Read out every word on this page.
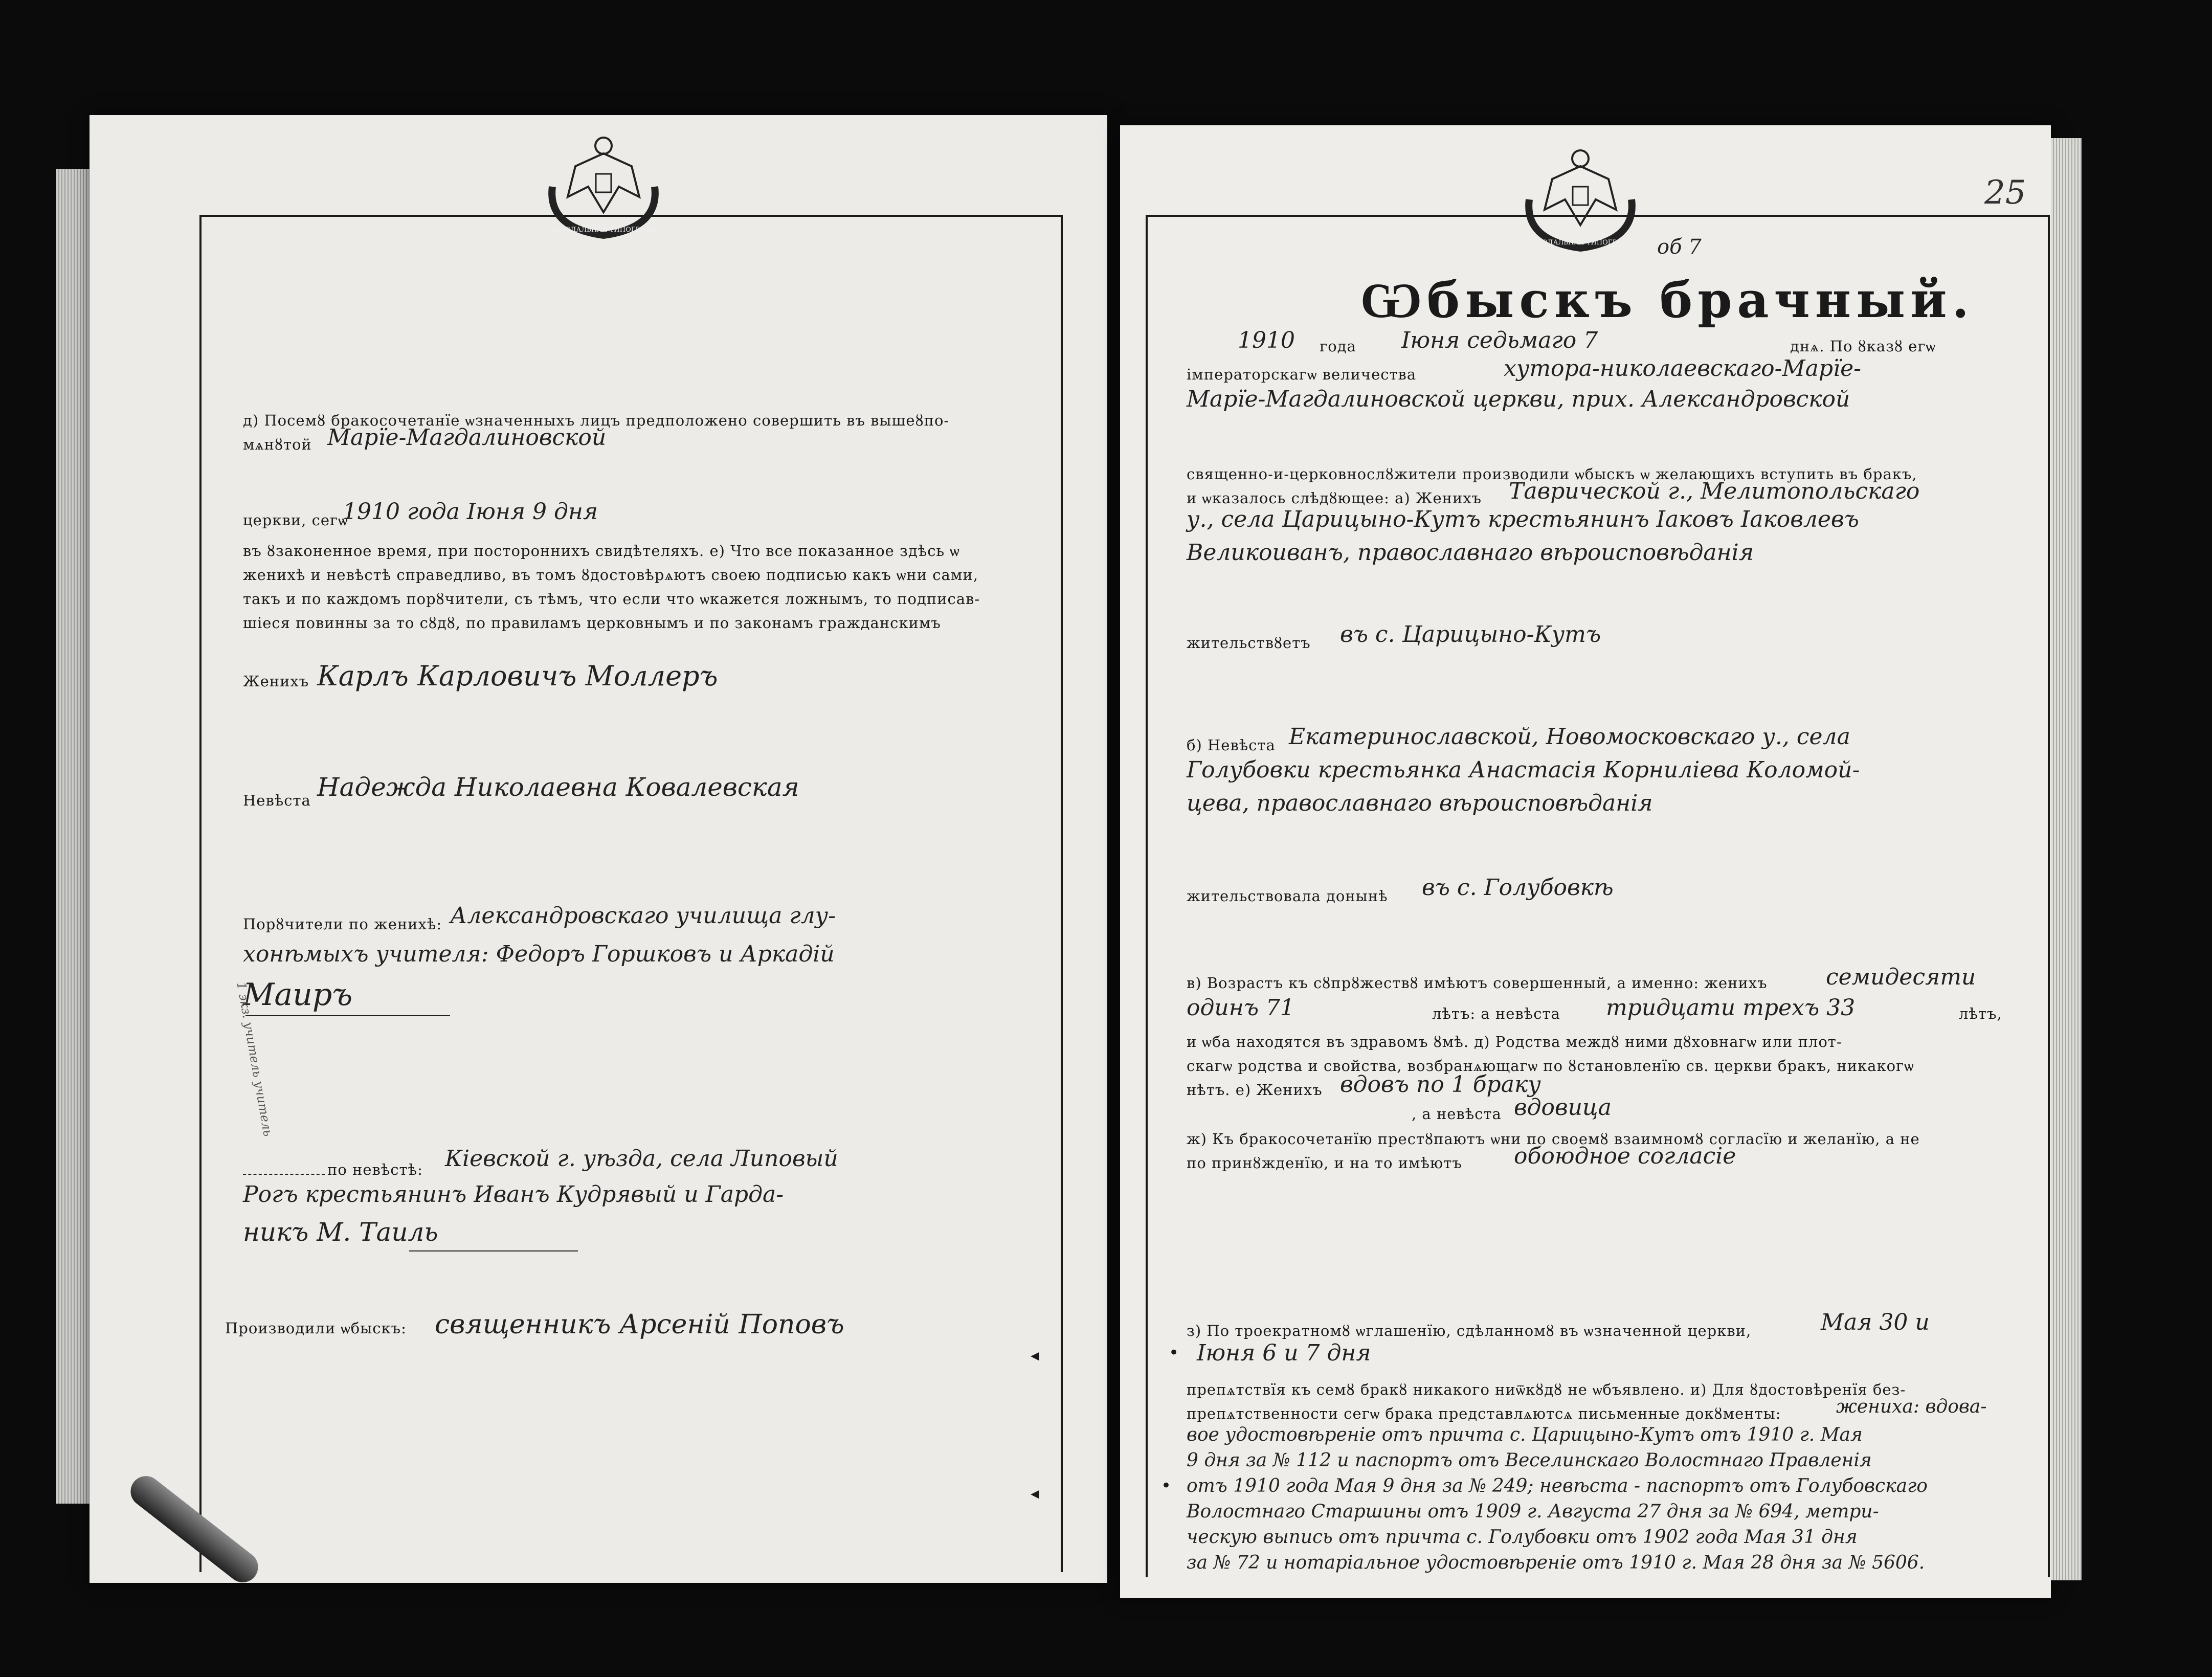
СИНОДАЛЬНАЯ ТИПОГРАФІЯ
СИНОДАЛЬНАЯ ТИПОГРАФІЯ
25
д) Посемȣ бракосочетанїе ѡзначенныхъ лицъ предположено совершить въ вышеȣпо-
мѧнȣтой Марїе-Магдалиновской
церкви, сегѡ
1910 года Іюня 9 дня
въ ȣзаконенное время, при постороннихъ свидѣтеляхъ. е) Что все показанное здѣсь ѡ
женихѣ и невѣстѣ справедливо, въ томъ ȣдостовѣрѧютъ своею подписью какъ ѡни сами,
такъ и по каждомъ порȣчители, съ тѣмъ, что если что ѡкажется ложнымъ, то подписав-
шiеся повинны за то сȣдȣ, по правиламъ церковнымъ и по законамъ гражданскимъ
Женихъ Карлъ Карловичъ Моллеръ
Невѣста Надежда Николаевна Ковалевская
Порȣчители по женихѣ: Александровскаго училища глу-
хонѣмыхъ учителя: Федоръ Горшковъ и Аркадій
Маиръ
по невѣстѣ: Кіевской г. уѣзда, села Липовый
Рогъ крестьянинъ Иванъ Кудрявый и Гарда-
никъ М. Таиль
Производили ѡбыскъ: священникъ Арсеній Поповъ
◂
◂
об 7
Ѡбыскъ брачный.
1910 года Іюня седьмаго 7	днѧ. По ȣказȣ егѡ
імператорскагѡ величества	хутора-николаевскаго-Марїе-
Марїе-Магдалиновской церкви, прих. Александровской
священно-и-церковнослȣжители производили ѡбыскъ ѡ желающихъ вступить въ бракъ,
и ѡказалось слѣдȣющее: а) Женихъ Таврической г., Мелитопольскаго
у., села Царицыно-Кутъ крестьянинъ Іаковъ Іаковлевъ
Великоиванъ, православнаго вѣроисповѣданія
жительствȣетъ въ с. Царицыно-Кутъ
б) Невѣста Екатеринославской, Новомосковскаго у., села
Голубовки крестьянка Анастасія Корниліева Коломой-
цева, православнаго вѣроисповѣданія
жительствовала донынѣ въ с. Голубовкѣ
в) Возрастъ къ сȣпрȣжествȣ имѣютъ совершенный, а именно: женихъ	семидесяти
одинъ 71	лѣтъ: а невѣста тридцати трехъ 33	лѣтъ,
и ѡба находятся въ здравомъ ȣмѣ. д) Родства междȣ ними дȣховнагѡ или плот-
скагѡ родства и свойства, возбранѧющагѡ по ȣстановленїю св. церкви бракъ, никакогѡ
нѣтъ. е) Женихъ вдовъ по 1 браку
, а невѣста вдовица
ж) Къ бракосочетанїю престȣпаютъ ѡни по своемȣ взаимномȣ согласїю и желанїю, а не
по принȣжденїю, и на то имѣютъ обоюдное согласіе
з) По троекратномȣ ѡглашенїю, сдѣланномȣ въ ѡзначенной церкви,	Мая 30 и
• Іюня 6 и 7 дня
препѧтствїя къ семȣ бракȣ никакого ниѿкȣдȣ не ѡбъявлено. и) Для ȣдостовѣренїя без-
препѧтственности сегѡ брака представлѧютсѧ письменные докȣменты:	жениха: вдова-
вое удостовѣреніе отъ причта с. Царицыно-Кутъ отъ 1910 г. Мая
9 дня за № 112 и паспортъ отъ Веселинскаго Волостнаго Правленія
• отъ 1910 года Мая 9 дня за № 249; невѣста - паспортъ отъ Голубовскаго
Волостнаго Старшины отъ 1909 г. Августа 27 дня за № 694, метри-
ческую выпись отъ причта с. Голубовки отъ 1902 года Мая 31 дня
за № 72 и нотаріальное удостовѣреніе отъ 1910 г. Мая 28 дня за № 5606.
